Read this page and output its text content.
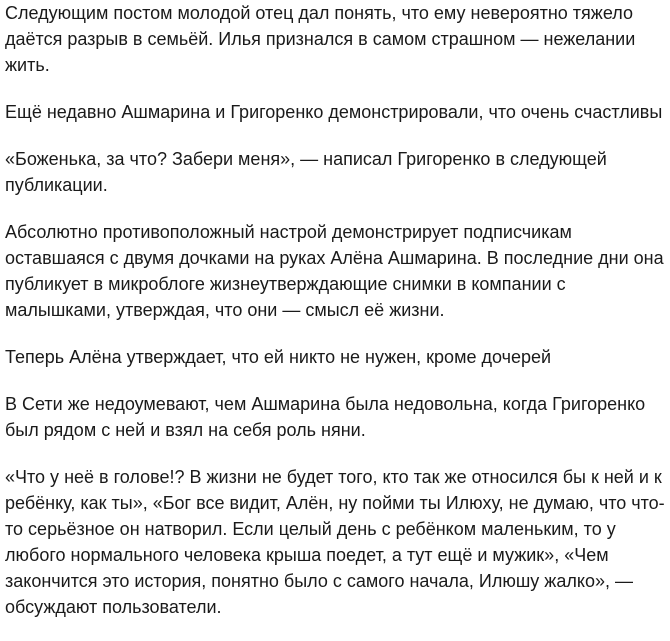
Следующим постом молодой отец дал понять, что ему невероятно тяжело даётся разрыв в семьёй. Илья признался в самом страшном — нежелании жить.

Ещё недавно Ашмарина и Григоренко демонстрировали, что очень счастливы

«Боженька, за что? Забери меня», — написал Григоренко в следующей публикации.

Абсолютно противоположный настрой демонстрирует подписчикам оставшаяся с двумя дочками на руках Алёна Ашмарина. В последние дни она публикует в микроблоге жизнеутверждающие снимки в компании с малышками, утверждая, что они — смысл её жизни.

Теперь Алёна утверждает, что ей никто не нужен, кроме дочерей

В Сети же недоумевают, чем Ашмарина была недовольна, когда Григоренко был рядом с ней и взял на себя роль няни.

«Что у неё в голове!? В жизни не будет того, кто так же относился бы к ней и к ребёнку, как ты», «Бог все видит, Алён, ну пойми ты Илюху, не думаю, что что-то серьёзное он натворил. Если целый день с ребёнком маленьким, то у любого нормального человека крыша поедет, а тут ещё и мужик», «Чем закончится это история, понятно было с самого начала, Илюшу жалко», — обсуждают пользователи.
